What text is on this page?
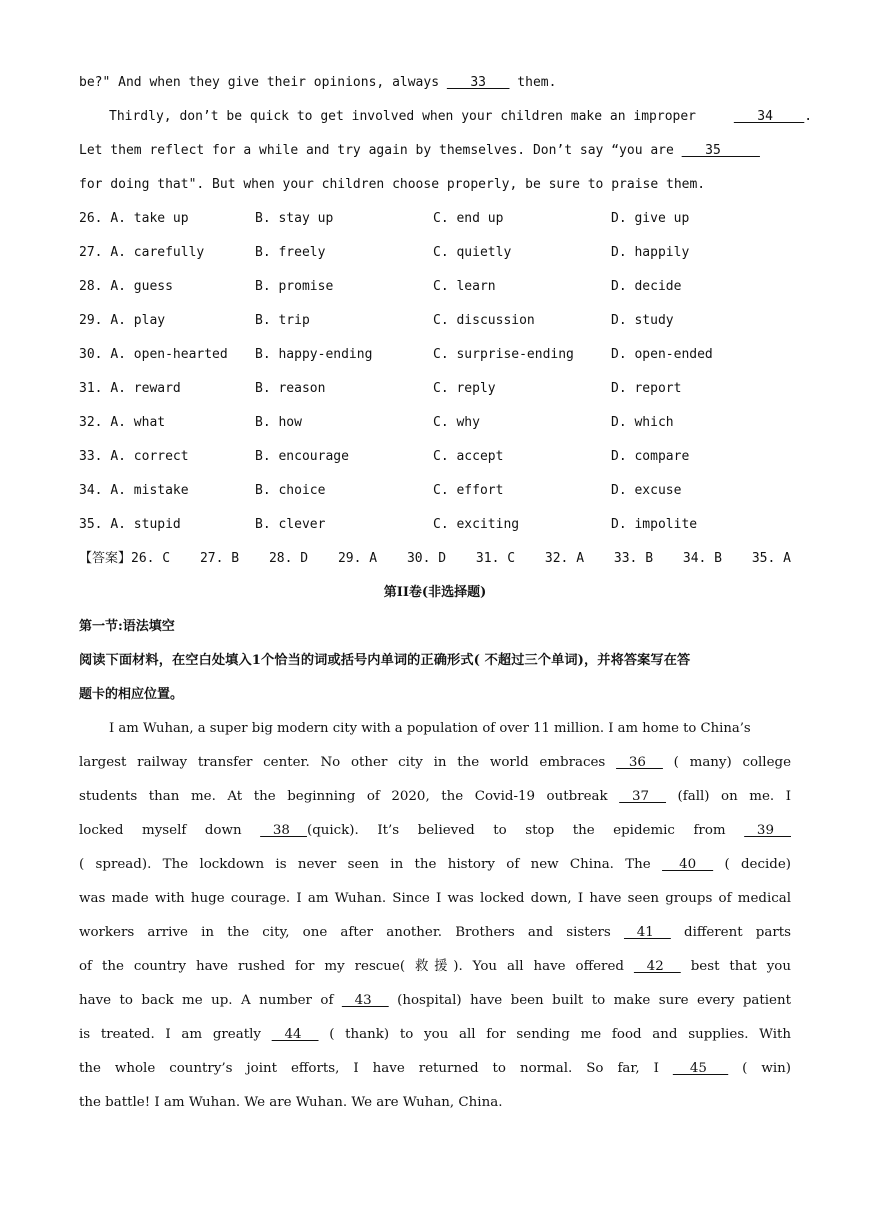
be?" And when they give their opinions, always    33    them.
Thirdly, don’t be quick to get involved when your children make an improper    34    .
Let them reflect for a while and try again by themselves. Don’t say “you are    35
for doing that". But when your children choose properly, be sure to praise them.
26. A. take up	B. stay up	C. end up	D. give up
27. A. carefully	B. freely	C. quietly	D. happily
28. A. guess	B. promise	C. learn	D. decide
29. A. play	B. trip	C. discussion	D. study
30. A. open-hearted	B. happy-ending	C. surprise-ending	D. open-ended
31. A. reward	B. reason	C. reply	D. report
32. A. what	B. how	C. why	D. which
33. A. correct	B. encourage	C. accept	D. compare
34. A. mistake	B. choice	C. effort	D. excuse
35. A. stupid	B. clever	C. exciting	D. impolite
【答案】26. C 27. B 28. D 29. A 30. D 31. C 32. A 33. B 34. B 35. A
第II卷(非选择题)
第一节:语法填空
阅读下面材料，在空白处填入1个恰当的词或括号内单词的正确形式( 不超过三个单词)，并将答案写在答
题卡的相应位置。
I am Wuhan, a super big modern city with a population of over 11 million. I am home to China’s
largest railway transfer center. No other city in the world embraces    36     ( many) college
students than me. At the beginning of 2020, the Covid-19 outbreak    37     (fall) on me. I
locked myself down    38    (quick). It’s believed to stop the epidemic from    39
( spread). The lockdown is never seen in the history of new China. The     40     ( decide)
was made with huge courage. I am Wuhan. Since I was locked down, I have seen groups of medical
workers arrive in the city, one after another. Brothers and sisters    41     different parts
of the country have rushed for my rescue( 救援). You all have offered    42     best that you
have to back me up. A number of    43     (hospital) have been built to make sure every patient
is treated. I am greatly    44     ( thank) to you all for sending me food and supplies. With
the whole country’s joint efforts, I have returned to normal. So far, I     45      ( win)
the battle! I am Wuhan. We are Wuhan. We are Wuhan, China.
